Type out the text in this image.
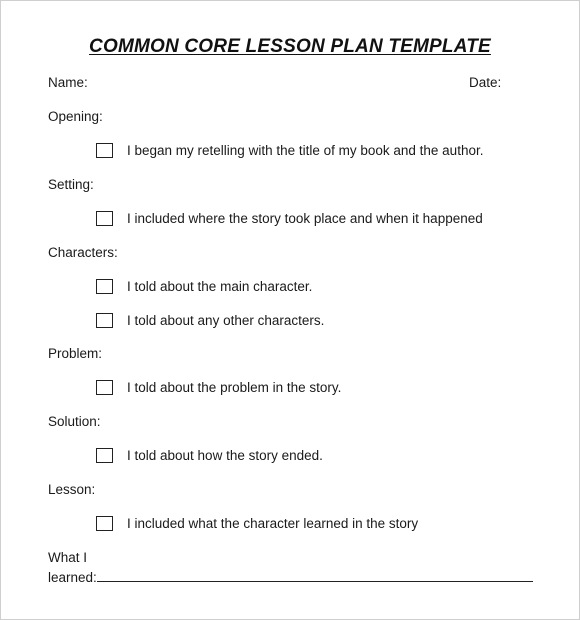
COMMON CORE LESSON PLAN TEMPLATE
Name:	Date:
Opening:
I began my retelling with the title of my book and the author.
Setting:
I included where the story took place and when it happened
Characters:
I told about the main character.
I told about any other characters.
Problem:
I told about the problem in the story.
Solution:
I told about how the story ended.
Lesson:
I included what the character learned in the story
What I
learned:
